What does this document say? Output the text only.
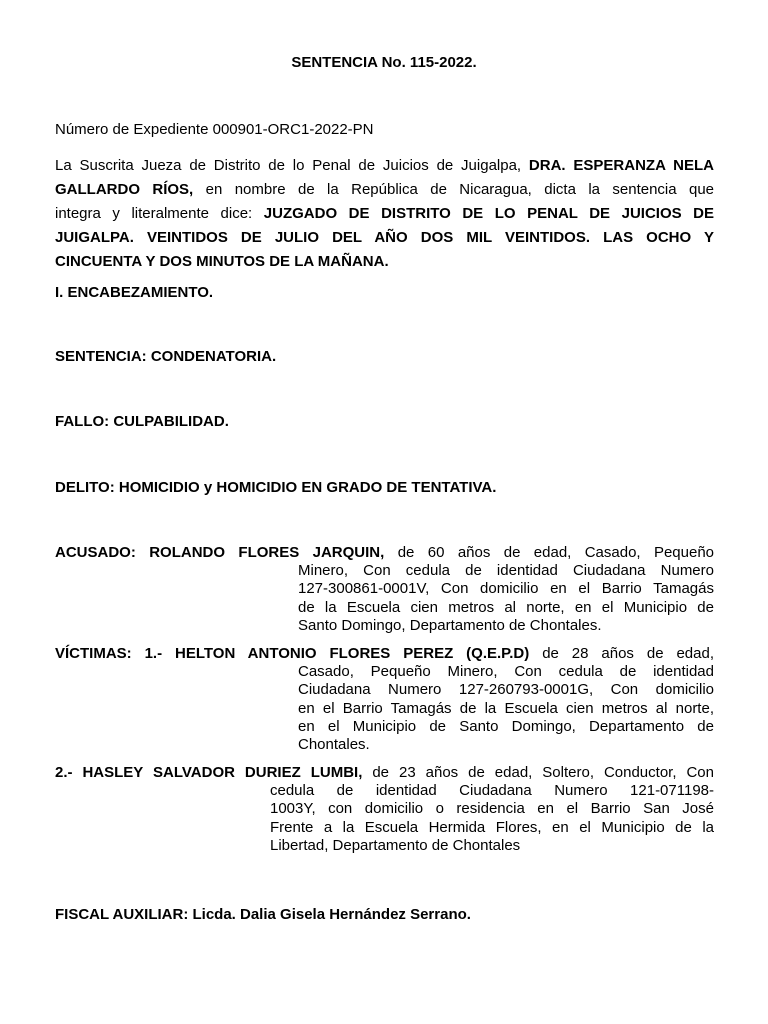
SENTENCIA No. 115-2022.
Número de Expediente 000901-ORC1-2022-PN
La Suscrita Jueza de Distrito de lo Penal de Juicios de Juigalpa, DRA. ESPERANZA NELA
GALLARDO RÍOS, en nombre de la República de Nicaragua, dicta la sentencia que
integra y literalmente dice: JUZGADO DE DISTRITO DE LO PENAL DE JUICIOS DE
JUIGALPA. VEINTIDOS DE JULIO DEL AÑO DOS MIL VEINTIDOS. LAS OCHO Y
CINCUENTA Y DOS MINUTOS DE LA MAÑANA.
I. ENCABEZAMIENTO.
SENTENCIA: CONDENATORIA.
FALLO: CULPABILIDAD.
DELITO: HOMICIDIO y HOMICIDIO EN GRADO DE TENTATIVA.
ACUSADO: ROLANDO FLORES JARQUIN, de 60 años de edad, Casado, Pequeño
Minero, Con cedula de identidad Ciudadana Numero
127-300861-0001V, Con domicilio en el Barrio Tamagás
de la Escuela cien metros al norte, en el Municipio de
Santo Domingo, Departamento de Chontales.
VÍCTIMAS: 1.- HELTON ANTONIO FLORES PEREZ (Q.E.P.D) de 28 años de edad,
Casado, Pequeño Minero, Con cedula de identidad
Ciudadana Numero 127-260793-0001G, Con domicilio
en el Barrio Tamagás de la Escuela cien metros al norte,
en el Municipio de Santo Domingo, Departamento de
Chontales.
2.- HASLEY SALVADOR DURIEZ LUMBI, de 23 años de edad, Soltero, Conductor, Con
cedula de identidad Ciudadana Numero 121-071198-
1003Y, con domicilio o residencia en el Barrio San José
Frente a la Escuela Hermida Flores, en el Municipio de la
Libertad, Departamento de Chontales
FISCAL AUXILIAR: Licda. Dalia Gisela Hernández Serrano.
